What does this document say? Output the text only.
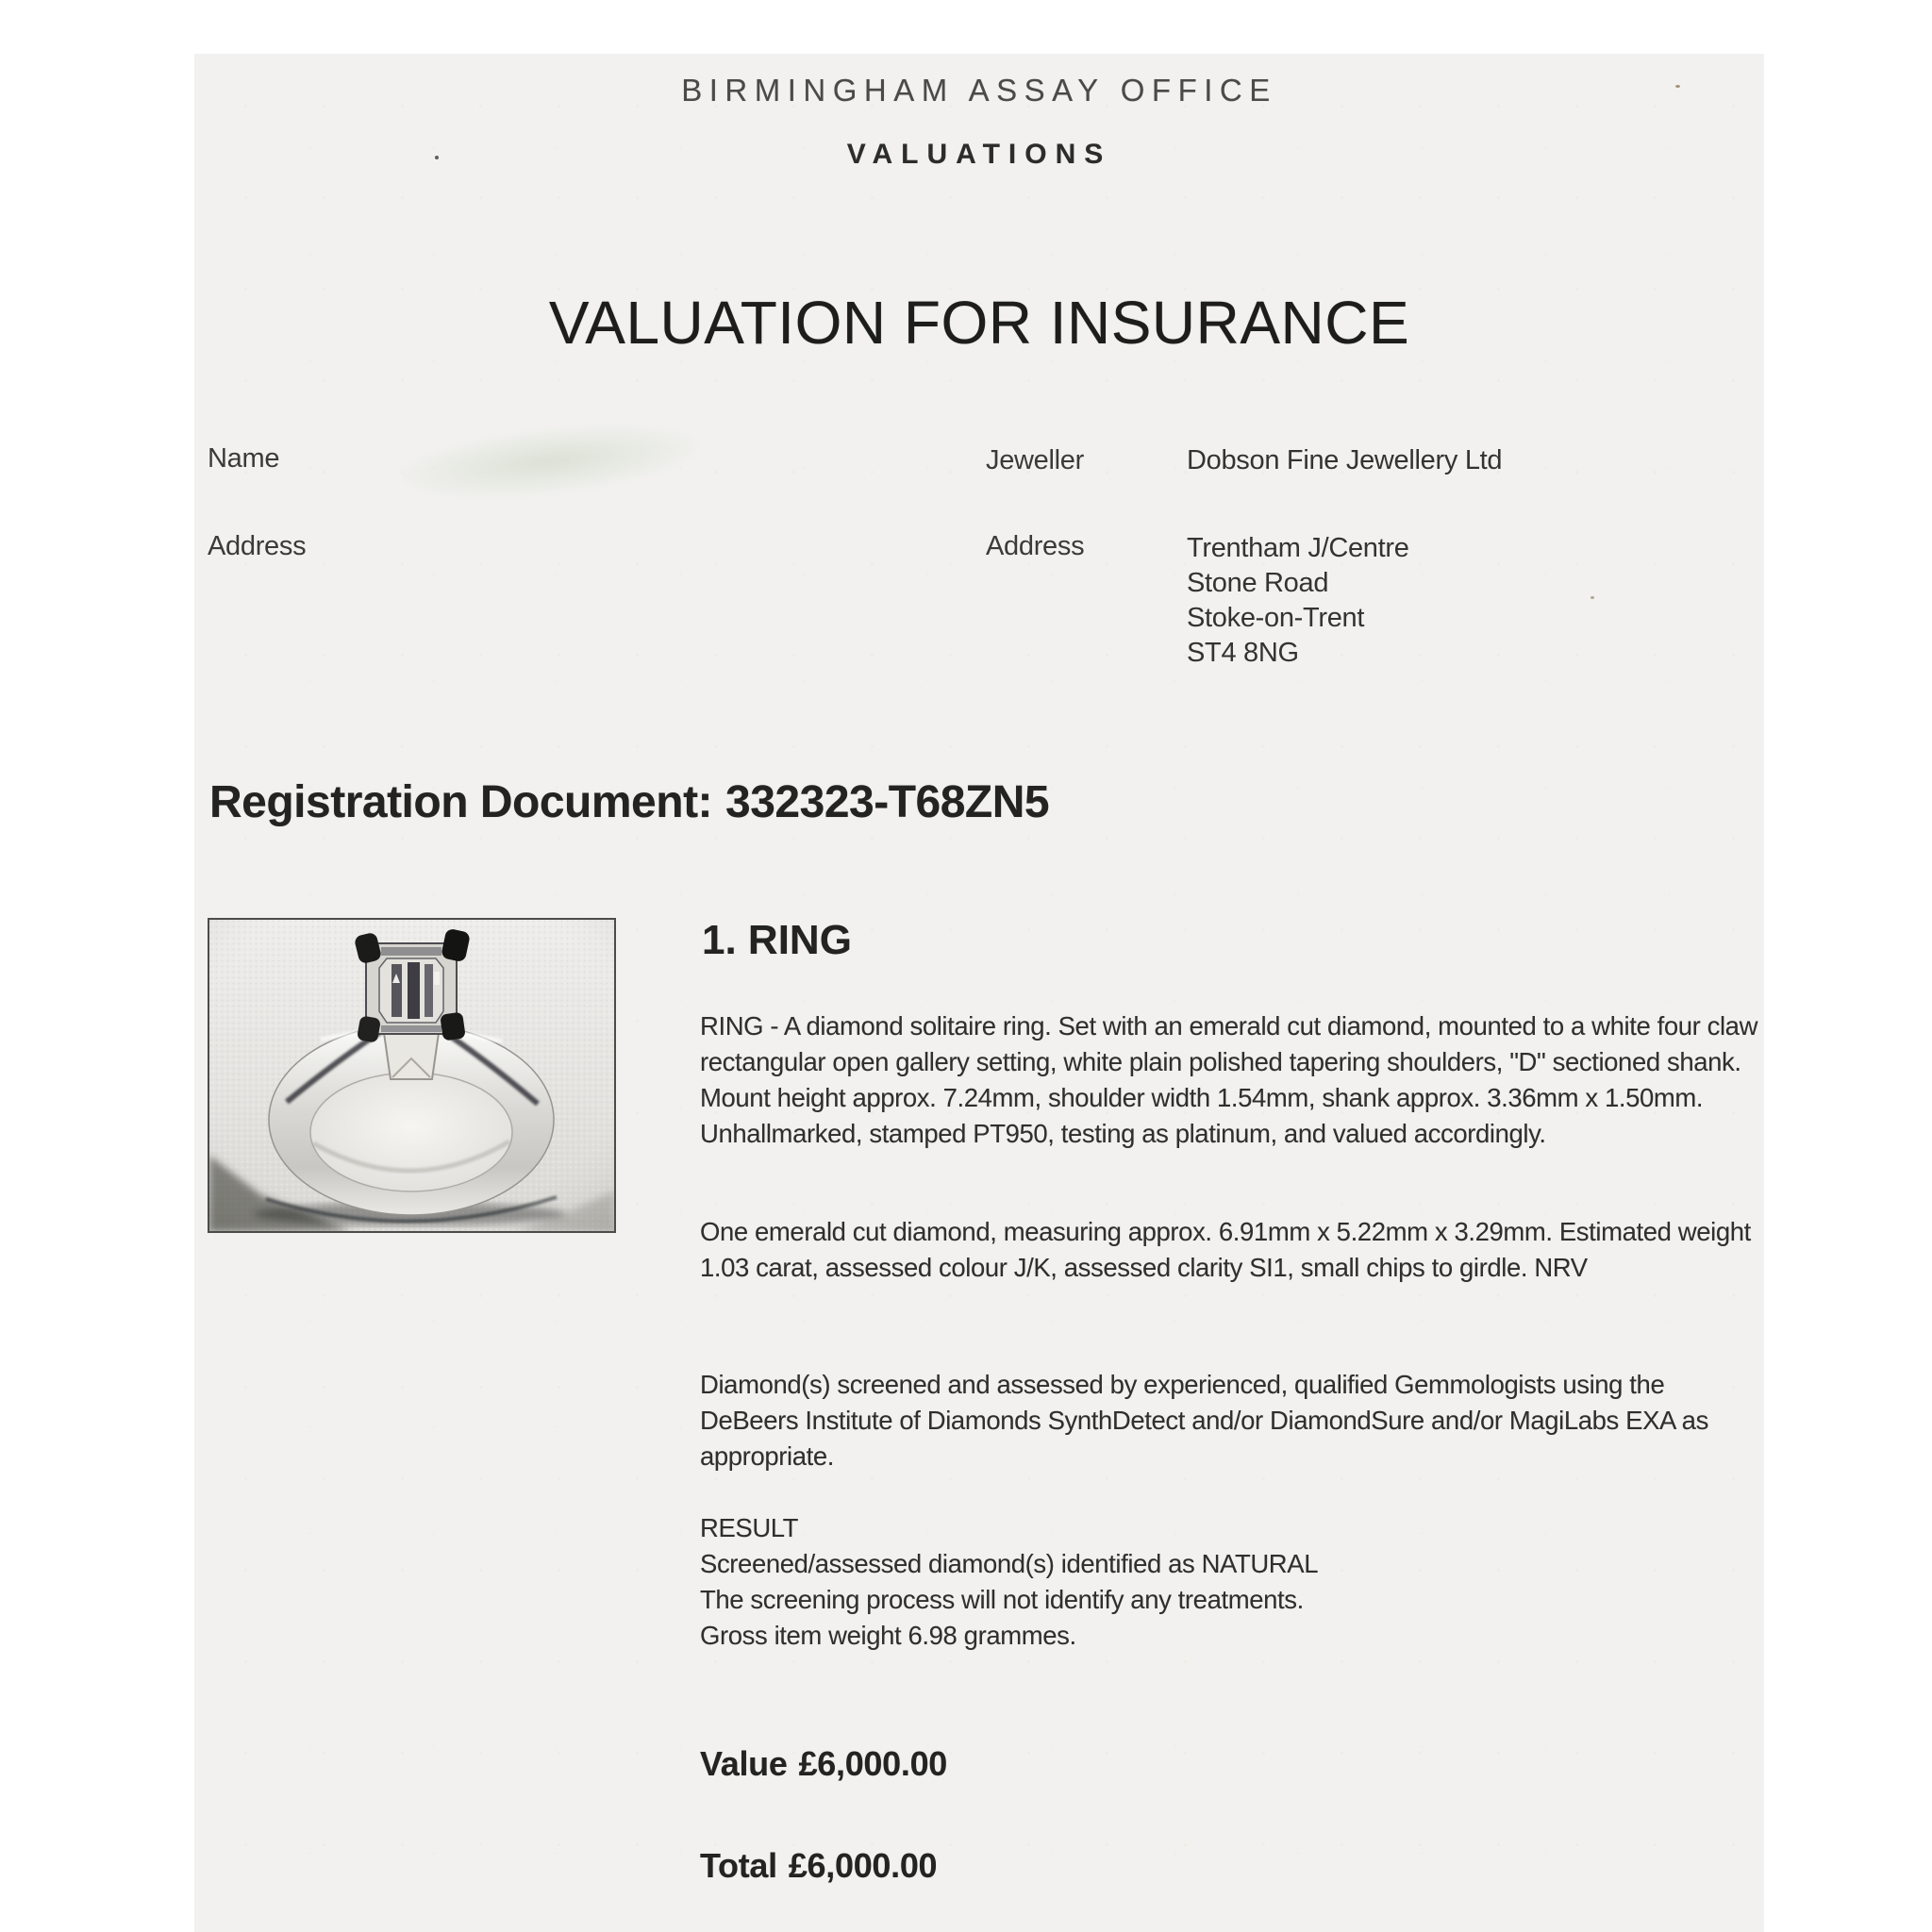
BIRMINGHAM ASSAY OFFICE
VALUATIONS
VALUATION FOR INSURANCE
Name
Address
Jeweller	Dobson Fine Jewellery Ltd
Address	Trentham J/Centre
Stone Road
Stoke-on-Trent
ST4 8NG
Registration Document: 332323-T68ZN5
1. RING

RING - A diamond solitaire ring. Set with an emerald cut diamond, mounted to a white four claw rectangular open gallery setting, white plain polished tapering shoulders, "D" sectioned shank. Mount height approx. 7.24mm, shoulder width 1.54mm, shank approx. 3.36mm x 1.50mm. Unhallmarked, stamped PT950, testing as platinum, and valued accordingly.

One emerald cut diamond, measuring approx. 6.91mm x 5.22mm x 3.29mm. Estimated weight 1.03 carat, assessed colour J/K, assessed clarity SI1, small chips to girdle. NRV

Diamond(s) screened and assessed by experienced, qualified Gemmologists using the DeBeers Institute of Diamonds SynthDetect and/or DiamondSure and/or MagiLabs EXA as appropriate.

RESULT
Screened/assessed diamond(s) identified as NATURAL
The screening process will not identify any treatments.
Gross item weight 6.98 grammes.
Value £6,000.00
Total £6,000.00
